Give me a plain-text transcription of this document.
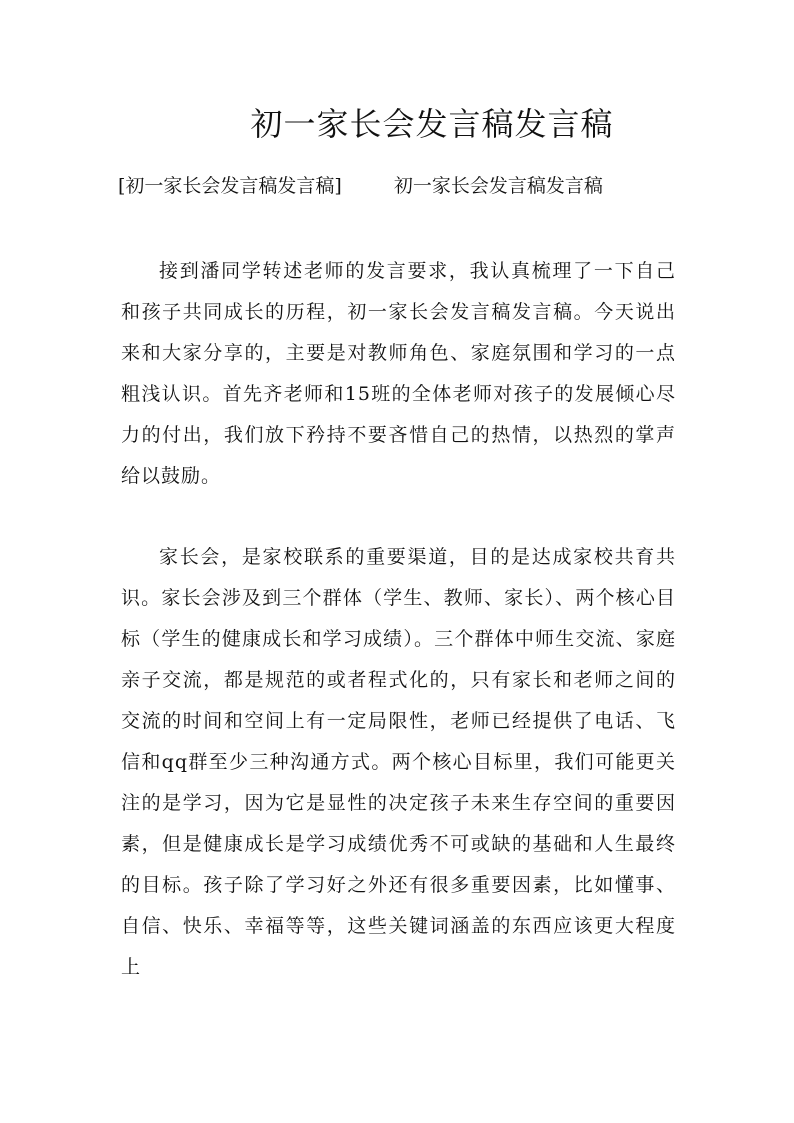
初一家长会发言稿发言稿
[初一家长会发言稿发言稿]	初一家长会发言稿发言稿

接到潘同学转述老师的发言要求，我认真梳理了一下自己和孩子共同成长的历程，初一家长会发言稿发言稿。今天说出来和大家分享的，主要是对教师角色、家庭氛围和学习的一点粗浅认识。首先齐老师和15班的全体老师对孩子的发展倾心尽力的付出，我们放下矜持不要吝惜自己的热情，以热烈的掌声给以鼓励。

家长会，是家校联系的重要渠道，目的是达成家校共育共识。家长会涉及到三个群体（学生、教师、家长）、两个核心目标（学生的健康成长和学习成绩）。三个群体中师生交流、家庭亲子交流，都是规范的或者程式化的，只有家长和老师之间的交流的时间和空间上有一定局限性，老师已经提供了电话、飞信和qq群至少三种沟通方式。两个核心目标里，我们可能更关注的是学习，因为它是显性的决定孩子未来生存空间的重要因素，但是健康成长是学习成绩优秀不可或缺的基础和人生最终的目标。孩子除了学习好之外还有很多重要因素，比如懂事、自信、快乐、幸福等等，这些关键词涵盖的东西应该更大程度上
